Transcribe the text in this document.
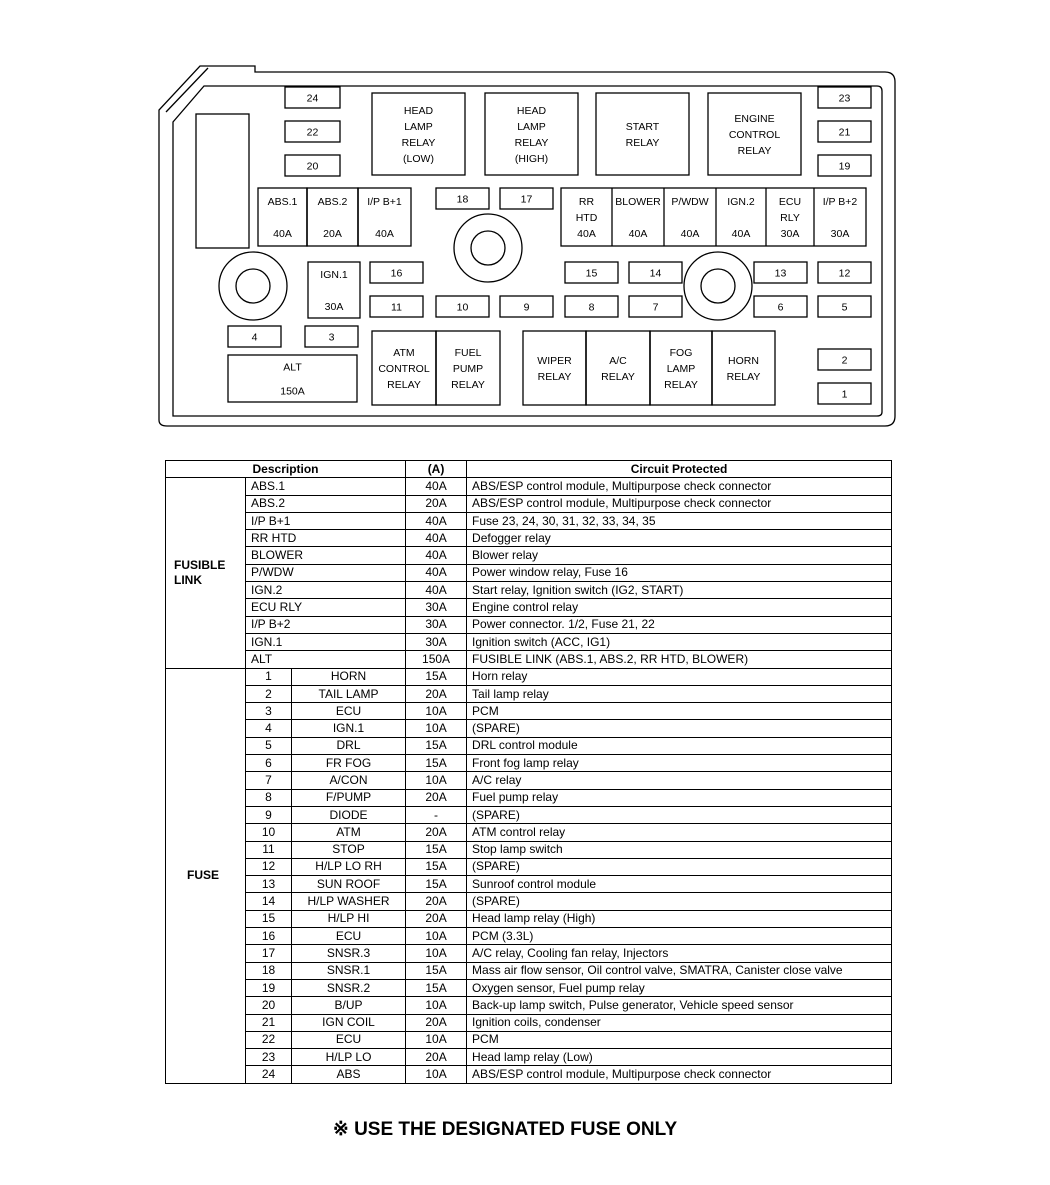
24
22
20
23
21
19
18	17
16	15	14	13	12
11	10	9	8	7	6	5
4	3
2
1
HEAD
LAMP
RELAY
(LOW)
HEAD
LAMP
RELAY
(HIGH)
START
RELAY
ENGINE
CONTROL
RELAY
ATM
CONTROL
RELAY
FUEL
PUMP
RELAY
WIPER
RELAY
A/C
RELAY
FOG
LAMP
RELAY
HORN
RELAY
ABS.1
40A
ABS.2
20A
I/P B+1
40A
RR
HTD
40A
BLOWER
40A
P/WDW
40A
IGN.2
40A
ECU
RLY
30A
I/P B+2
30A
IGN.1
30A
ALT
150A
Description			(A)	Circuit Protected
FUSIBLE
LINK	ABS.1		40A	ABS/ESP control module, Multipurpose check connector
	ABS.2		20A	ABS/ESP control module, Multipurpose check connector
	I/P B+1		40A	Fuse 23, 24, 30, 31, 32, 33, 34, 35
	RR HTD		40A	Defogger relay
	BLOWER		40A	Blower relay
	P/WDW		40A	Power window relay, Fuse 16
	IGN.2		40A	Start relay, Ignition switch (IG2, START)
	ECU RLY		30A	Engine control relay
	I/P B+2		30A	Power connector. 1/2, Fuse 21, 22
	IGN.1		30A	Ignition switch (ACC, IG1)
	ALT		150A	FUSIBLE LINK (ABS.1, ABS.2, RR HTD, BLOWER)
FUSE	1	HORN	15A	Horn relay
	2	TAIL LAMP	20A	Tail lamp relay
	3	ECU	10A	PCM
	4	IGN.1	10A	(SPARE)
	5	DRL	15A	DRL control module
	6	FR FOG	15A	Front fog lamp relay
	7	A/CON	10A	A/C relay
	8	F/PUMP	20A	Fuel pump relay
	9	DIODE	-	(SPARE)
	10	ATM	20A	ATM control relay
	11	STOP	15A	Stop lamp switch
	12	H/LP LO RH	15A	(SPARE)
	13	SUN ROOF	15A	Sunroof control module
	14	H/LP WASHER	20A	(SPARE)
	15	H/LP HI	20A	Head lamp relay (High)
	16	ECU	10A	PCM (3.3L)
	17	SNSR.3	10A	A/C relay, Cooling fan relay, Injectors
	18	SNSR.1	15A	Mass air flow sensor, Oil control valve, SMATRA, Canister close valve
	19	SNSR.2	15A	Oxygen sensor, Fuel pump relay
	20	B/UP	10A	Back-up lamp switch, Pulse generator, Vehicle speed sensor
	21	IGN COIL	20A	Ignition coils, condenser
	22	ECU	10A	PCM
	23	H/LP LO	20A	Head lamp relay (Low)
	24	ABS	10A	ABS/ESP control module, Multipurpose check connector
※ USE THE DESIGNATED FUSE ONLY
